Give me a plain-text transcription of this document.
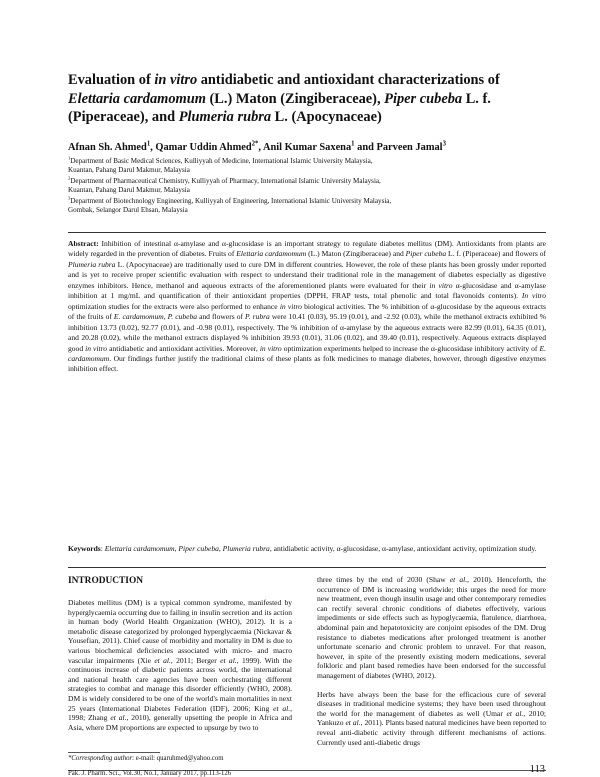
Evaluation of in vitro antidiabetic and antioxidant characterizations of Elettaria cardamomum (L.) Maton (Zingiberaceae), Piper cubeba L. f. (Piperaceae), and Plumeria rubra L. (Apocynaceae)
Afnan Sh. Ahmed$^1$, Qamar Uddin Ahmed$^{2*}$, Anil Kumar Saxena$^1$ and Parveen Jamal$^3$
$^1$Department of Basic Medical Sciences, Kulliyyah of Medicine, International Islamic University Malaysia,
Kuantan, Pahang Darul Makmur, Malaysia
$^2$Department of Pharmaceutical Chemistry, Kulliyyah of Pharmacy, International Islamic University Malaysia,
Kuantan, Pahang Darul Makmur, Malaysia
$^3$Department of Biotechnology Engineering, Kulliyyah of Engineering, International Islamic University Malaysia,
Gombak, Selangor Darul Ehsan, Malaysia
Abstract: Inhibition of intestinal α-amylase and α-glucosidase is an important strategy to regulate diabetes mellitus (DM). Antioxidants from plants are widely regarded in the prevention of diabetes. Fruits of Elettaria cardamomum (L.) Maton (Zingiberaceae) and Piper cubeba L. f. (Piperaceae) and flowers of Plumeria rubra L. (Apocynaceae) are traditionally used to cure DM in different countries. However, the role of these plants has been grossly under reported and is yet to receive proper scientific evaluation with respect to understand their traditional role in the management of diabetes especially as digestive enzymes inhibitors. Hence, methanol and aqueous extracts of the aforementioned plants were evaluated for their in vitro α-glucosidase and α-amylase inhibition at 1 mg/mL and quantification of their antioxidant properties (DPPH, FRAP tests, total phenolic and total flavonoids contents). In vitro optimization studies for the extracts were also performed to enhance in vitro biological activities. The % inhibition of α-glucosidase by the aqueous extracts of the fruits of E. cardamomum, P. cubeba and flowers of P. rubra were 10.41 (0.03), 95.19 (0.01), and -2.92 (0.03), while the methanol extracts exhibited % inhibition 13.73 (0.02), 92.77 (0.01), and -0.98 (0.01), respectively. The % inhibition of α-amylase by the aqueous extracts were 82.99 (0.01), 64.35 (0.01), and 20.28 (0.02), while the methanol extracts displayed % inhibition 39.93 (0.01), 31.06 (0.02), and 39.40 (0.01), respectively. Aqueous extracts displayed good in vitro antidiabetic and antioxidant activities. Moreover, in vitro optimization experiments helped to increase the α-glucosidase inhibitory activity of E. cardamomum. Our findings further justify the traditional claims of these plants as folk medicines to manage diabetes, however, through digestive enzymes inhibition effect.
Keywords: Elettaria cardamomum, Piper cubeba, Plumeria rubra, antidiabetic activity, α-glucosidase, α-amylase, antioxidant activity, optimization study.
INTRODUCTION

Diabetes mellitus (DM) is a typical common syndrome, manifested by hyperglycaemia occurring due to failing in insulin secretion and its action in human body (World Health Organization (WHO), 2012). It is a metabolic disease categorized by prolonged hyperglycaemia (Nickavar & Yousefian, 2011). Chief cause of morbidity and mortality in DM is due to various biochemical deficiencies associated with micro- and macro vascular impairments (Xie et al., 2011; Berger et al., 1999). With the continuous increase of diabetic patients across world, the international and national health care agencies have been orchestrating different strategies to combat and manage this disorder efficiently (WHO, 2008). DM is widely considered to be one of the world's main mortalities in next 25 years (International Diabetes Federation (IDF), 2006; King et al., 1998; Zhang et al., 2010), generally upsetting the people in Africa and Asia, where DM proportions are expected to upsurge by two to

three times by the end of 2030 (Shaw et al., 2010). Henceforth, the occurrence of DM is increasing worldwide; this urges the need for more new treatment, even though insulin usage and other contemporary remedies can rectify several chronic conditions of diabetes effectively, various impediments or side effects such as hypoglycaemia, flatulence, diarrhoea, abdominal pain and hepatotoxicity are conjoint episodes of the DM. Drug resistance to diabetes medications after prolonged treatment is another unfortunate scenario and chronic problem to unravel. For that reason, however, in spite of the presently existing modern medications, several folkloric and plant based remedies have been endorsed for the successful management of diabetes (WHO, 2012).

Herbs have always been the base for the efficacious cure of several diseases in traditional medicine systems; they have been used throughout the world for the management of diabetes as well (Umar et al., 2010; Yankuzo et al., 2011). Plants based natural medicines have been reported to reveal anti-diabetic activity through different mechanisms of actions. Currently used anti-diabetic drugs

*Corresponding author: e-mail: quaruhmed@yahoo.com
Pak. J. Pharm. Sci., Vol.30, No.1, January 2017, pp.113-126	113
